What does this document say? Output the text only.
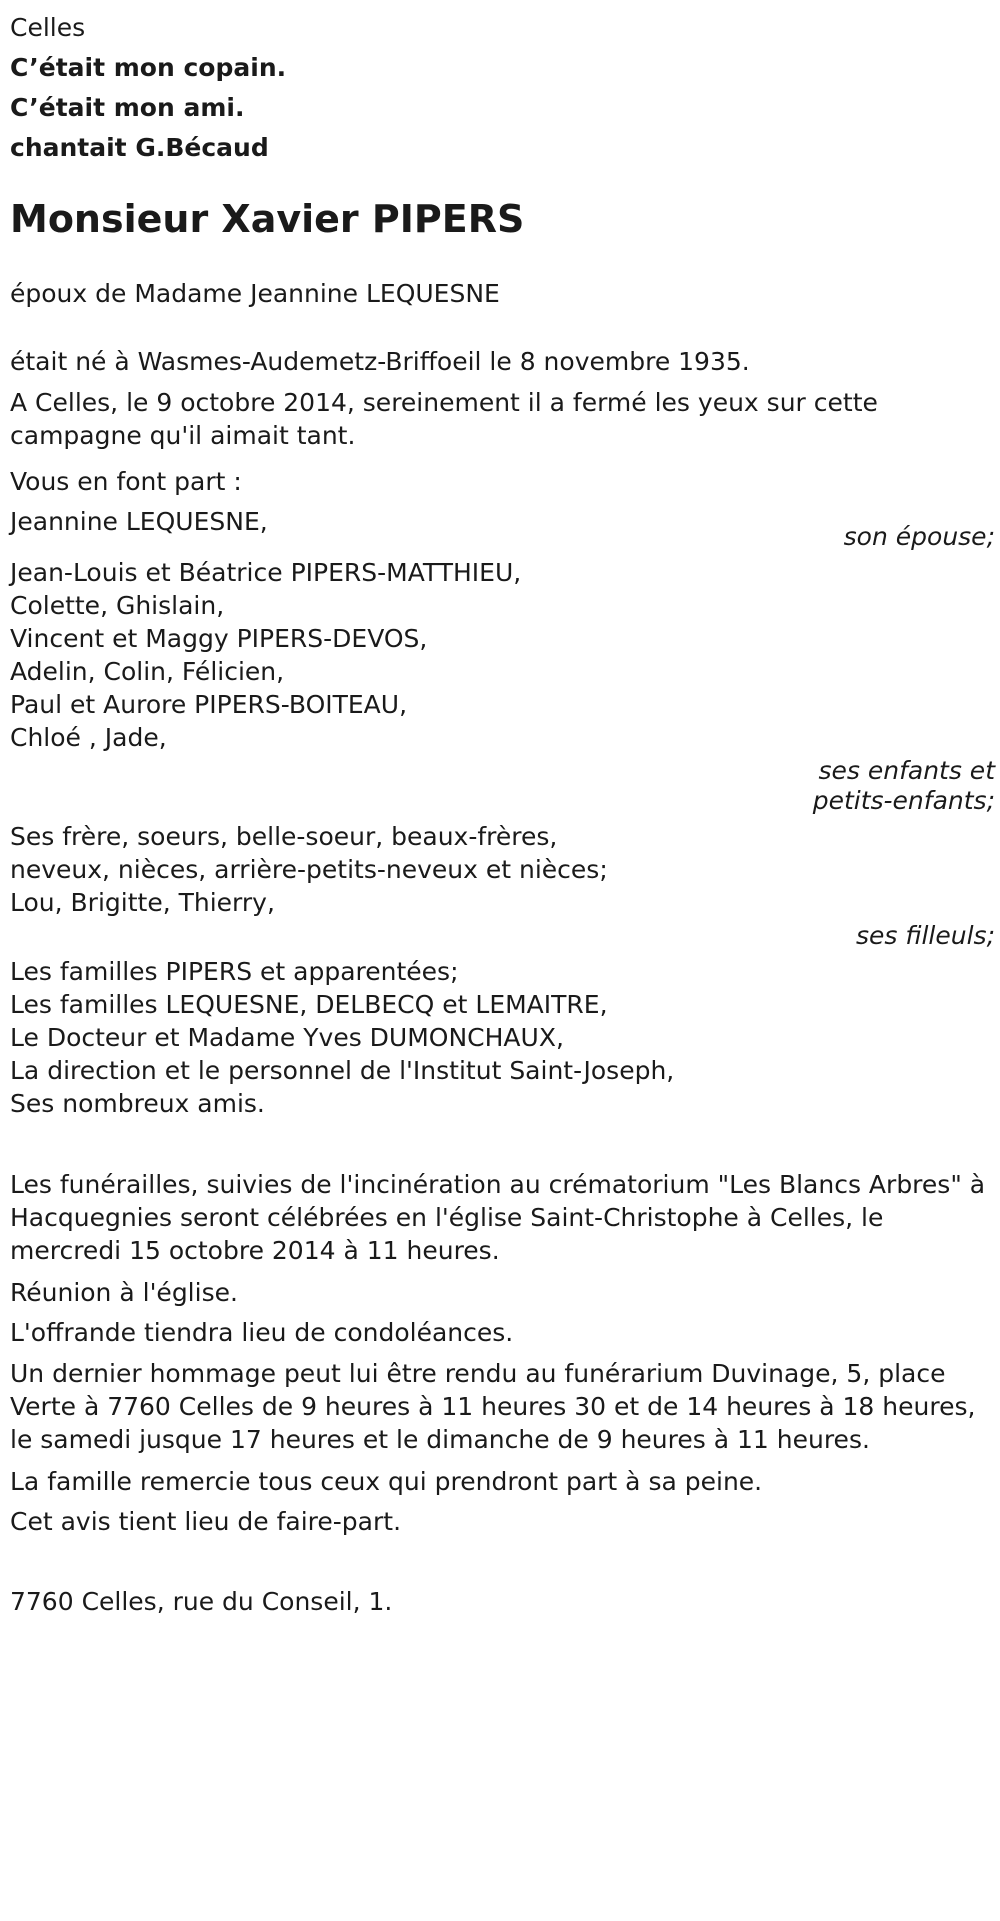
Celles

C’était mon copain.

C’était mon ami.

chantait G.Bécaud

Monsieur Xavier PIPERS

époux de Madame Jeannine LEQUESNE

était né à Wasmes-Audemetz-Briffoeil le 8 novembre 1935.

A Celles, le 9 octobre 2014, sereinement il a fermé les yeux sur cette campagne qu'il aimait tant.

Vous en font part :

Jeannine LEQUESNE,
son épouse;
Jean-Louis et Béatrice PIPERS-MATTHIEU,
Colette, Ghislain,
Vincent et Maggy PIPERS-DEVOS,
Adelin, Colin, Félicien,
Paul et Aurore PIPERS-BOITEAU,
Chloé , Jade,
ses enfants et
petits-enfants;
Ses frère, soeurs, belle-soeur, beaux-frères,
neveux, nièces, arrière-petits-neveux et nièces;
Lou, Brigitte, Thierry,
ses filleuls;
Les familles PIPERS et apparentées;
Les familles LEQUESNE, DELBECQ et LEMAITRE,
Le Docteur et Madame Yves DUMONCHAUX,
La direction et le personnel de l'Institut Saint-Joseph,
Ses nombreux amis.

Les funérailles, suivies de l'incinération au crématorium "Les Blancs Arbres" à Hacquegnies seront célébrées en l'église Saint-Christophe à Celles, le mercredi 15 octobre 2014 à 11 heures.

Réunion à l'église.

L'offrande tiendra lieu de condoléances.

Un dernier hommage peut lui être rendu au funérarium Duvinage, 5, place Verte à 7760 Celles de 9 heures à 11 heures 30 et de 14 heures à 18 heures, le samedi jusque 17 heures et le dimanche de 9 heures à 11 heures.

La famille remercie tous ceux qui prendront part à sa peine.

Cet avis tient lieu de faire-part.

7760 Celles, rue du Conseil, 1.
